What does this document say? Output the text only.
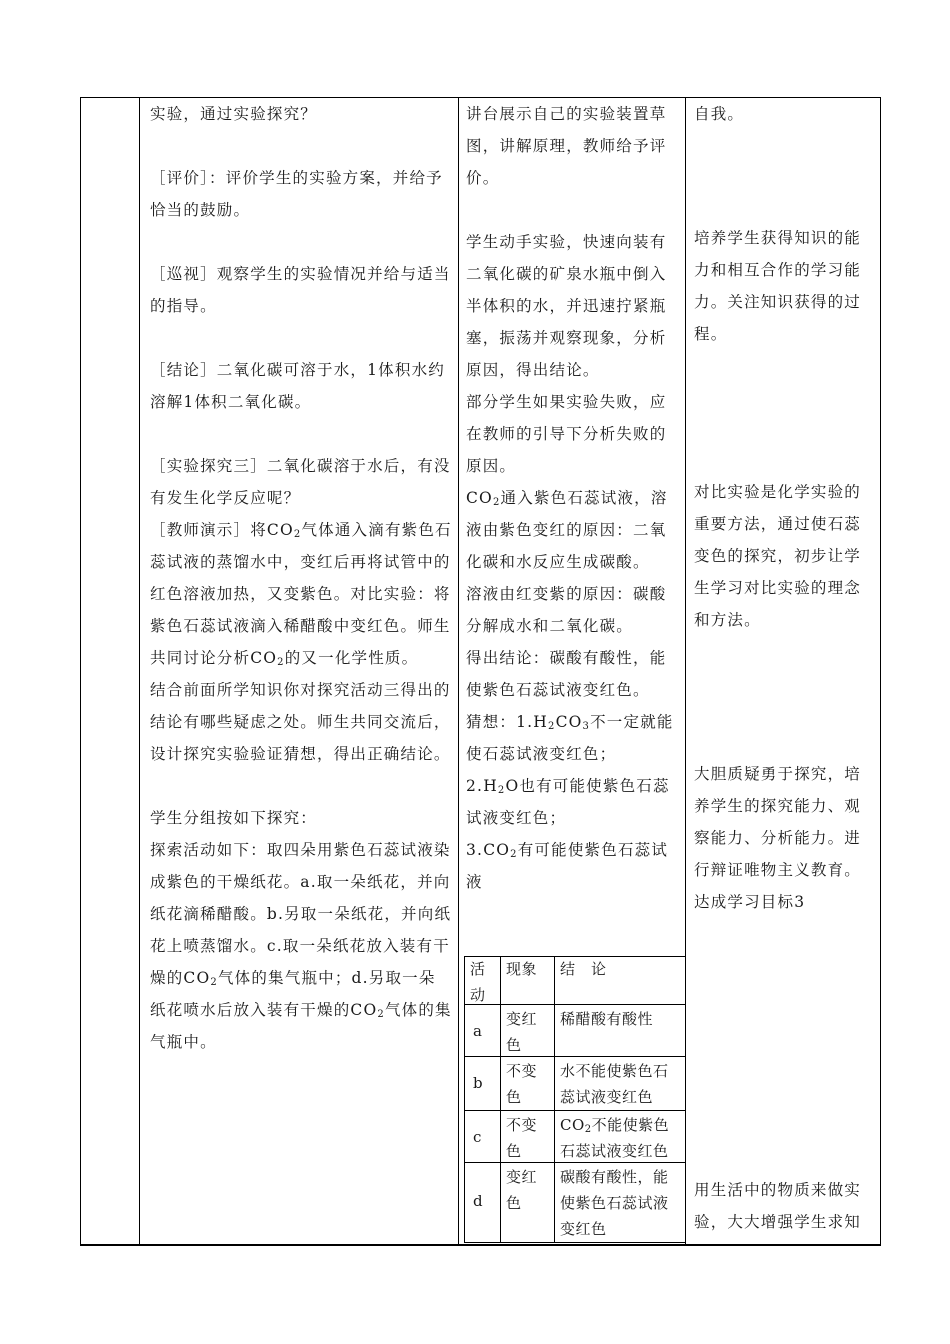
实验，通过实验探究？

［评价］：评价学生的实验方案，并给予恰当的鼓励。

［巡视］观察学生的实验情况并给与适当的指导。

［结论］二氧化碳可溶于水，1体积水约溶解1体积二氧化碳。

［实验探究三］二氧化碳溶于水后，有没有发生化学反应呢？

［教师演示］将$CO_2$气体通入滴有紫色石蕊试液的蒸馏水中，变红后再将试管中的红色溶液加热，又变紫色。对比实验：将紫色石蕊试液滴入稀醋酸中变红色。师生共同讨论分析$CO_2$的又一化学性质。

结合前面所学知识你对探究活动三得出的结论有哪些疑虑之处。师生共同交流后，设计探究实验验证猜想，得出正确结论。

学生分组按如下探究：

探索活动如下：取四朵用紫色石蕊试液染成紫色的干燥纸花。a.取一朵纸花，并向纸花滴稀醋酸。b.另取一朵纸花，并向纸花上喷蒸馏水。c.取一朵纸花放入装有干燥的$CO_2$气体的集气瓶中；d.另取一朵纸花喷水后放入装有干燥的$CO_2$气体的集气瓶中。

讲台展示自己的实验装置草图，讲解原理，教师给予评价。

学生动手实验，快速向装有二氧化碳的矿泉水瓶中倒入半体积的水，并迅速拧紧瓶塞，振荡并观察现象，分析原因，得出结论。

部分学生如果实验失败，应在教师的引导下分析失败的原因。

$CO_2$通入紫色石蕊试液，溶液由紫色变红的原因：二氧化碳和水反应生成碳酸。

溶液由红变紫的原因：碳酸分解成水和二氧化碳。

得出结论：碳酸有酸性，能使紫色石蕊试液变红色。

猜想：$1.H_2CO_3$不一定就能使石蕊试液变红色；

$2.H_2O$也有可能使紫色石蕊试液变红色；

$3.CO_2$有可能使紫色石蕊试液

活动
现象	结　论
a
变红色
稀醋酸有酸性
b
不变色
水不能使紫色石蕊试液变红色
c
不变色
$CO_2$不能使紫色石蕊试液变红色
d
变红色
碳酸有酸性，能使紫色石蕊试液变红色

自我。

培养学生获得知识的能力和相互合作的学习能力。关注知识获得的过程。

对比实验是化学实验的重要方法，通过使石蕊变色的探究，初步让学生学习对比实验的理念和方法。

大胆质疑勇于探究，培养学生的探究能力、观察能力、分析能力。进行辩证唯物主义教育。

达成学习目标3

用生活中的物质来做实验，大大增强学生求知
